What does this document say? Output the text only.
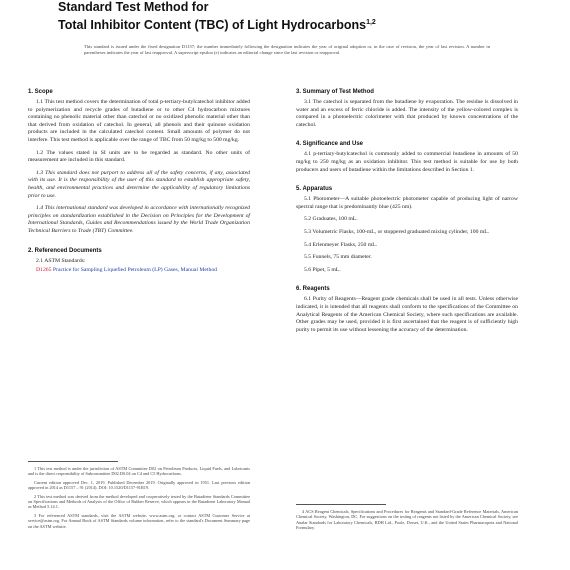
Standard Test Method for
Total Inhibitor Content (TBC) of Light Hydrocarbons$^{1,2}$
This standard is issued under the fixed designation D1157; the number immediately following the designation indicates the year of original adoption or, in the case of revision, the year of last revision. A number in parentheses indicates the year of last reapproval. A superscript epsilon (ε) indicates an editorial change since the last revision or reapproval.
1. Scope
1.1 This test method covers the determination of total p-tertiary-butylcatechol inhibitor added to polymerization and recycle grades of butadiene or to other C4 hydrocarbon mixtures containing no phenolic material other than catechol or no oxidized phenolic material other than that derived from oxidation of catechol. In general, all phenols and their quinone oxidation products are included in the calculated catechol content. Small amounts of polymer do not interfere. This test method is applicable over the range of TBC from 50 mg/kg to 500 mg/kg.
1.2 The values stated in SI units are to be regarded as standard. No other units of measurement are included in this standard.
1.3 This standard does not purport to address all of the safety concerns, if any, associated with its use. It is the responsibility of the user of this standard to establish appropriate safety, health, and environmental practices and determine the applicability of regulatory limitations prior to use.
1.4 This international standard was developed in accordance with internationally recognized principles on standardization established in the Decision on Principles for the Development of International Standards, Guides and Recommendations issued by the World Trade Organization Technical Barriers to Trade (TBT) Committee.
2. Referenced Documents
2.1 ASTM Standards:
D1265 Practice for Sampling Liquefied Petroleum (LP) Gases, Manual Method
1 This test method is under the jurisdiction of ASTM Committee D02 on Petroleum Products, Liquid Fuels, and Lubricants and is the direct responsibility of Subcommittee D02.D0.04 on C4 and C5 Hydrocarbons.
Current edition approved Dec. 1, 2019. Published December 2019. Originally approved in 1951. Last previous edition approved in 2014 as D1157 – 91 (2014). DOI: 10.1520/D1157-91R19.
2 This test method was derived from the method developed and cooperatively tested by the Butadiene Standards Committee on Specifications and Methods of Analysis of the Office of Rubber Reserve, which appears in the Butadiene Laboratory Manual as Method 5.14.1.
3 For referenced ASTM standards, visit the ASTM website, www.astm.org, or contact ASTM Customer Service at service@astm.org. For Annual Book of ASTM Standards volume information, refer to the standard's Document Summary page on the ASTM website.
3. Summary of Test Method
3.1 The catechol is separated from the butadiene by evaporation. The residue is dissolved in water and an excess of ferric chloride is added. The intensity of the yellow-colored complex is compared in a photoelectric colorimeter with that produced by known concentrations of the catechol.
4. Significance and Use
4.1 p-tertiary-butylcatechol is commonly added to commercial butadiene in amounts of 50 mg/kg to 250 mg/kg as an oxidation inhibitor. This test method is suitable for use by both producers and users of butadiene within the limitations described in Section 1.
5. Apparatus
5.1 Photometer—A suitable photoelectric photometer capable of producing light of narrow spectral range that is predominantly blue (425 nm).
5.2 Graduates, 100 mL.
5.3 Volumetric Flasks, 100-mL, or stoppered graduated mixing cylinder, 100 mL.
5.4 Erlenmeyer Flasks, 250 mL.
5.5 Funnels, 75 mm diameter.
5.6 Pipet, 5 mL.
6. Reagents
6.1 Purity of Reagents—Reagent grade chemicals shall be used in all tests. Unless otherwise indicated, it is intended that all reagents shall conform to the specifications of the Committee on Analytical Reagents of the American Chemical Society, where such specifications are available. Other grades may be used, provided it is first ascertained that the reagent is of sufficiently high purity to permit its use without lessening the accuracy of the determination.
4 ACS Reagent Chemicals, Specifications and Procedures for Reagents and Standard-Grade Reference Materials, American Chemical Society, Washington, DC. For suggestions on the testing of reagents not listed by the American Chemical Society, see Analar Standards for Laboratory Chemicals, BDH Ltd., Poole, Dorset, U.K., and the United States Pharmacopeia and National Formulary.
